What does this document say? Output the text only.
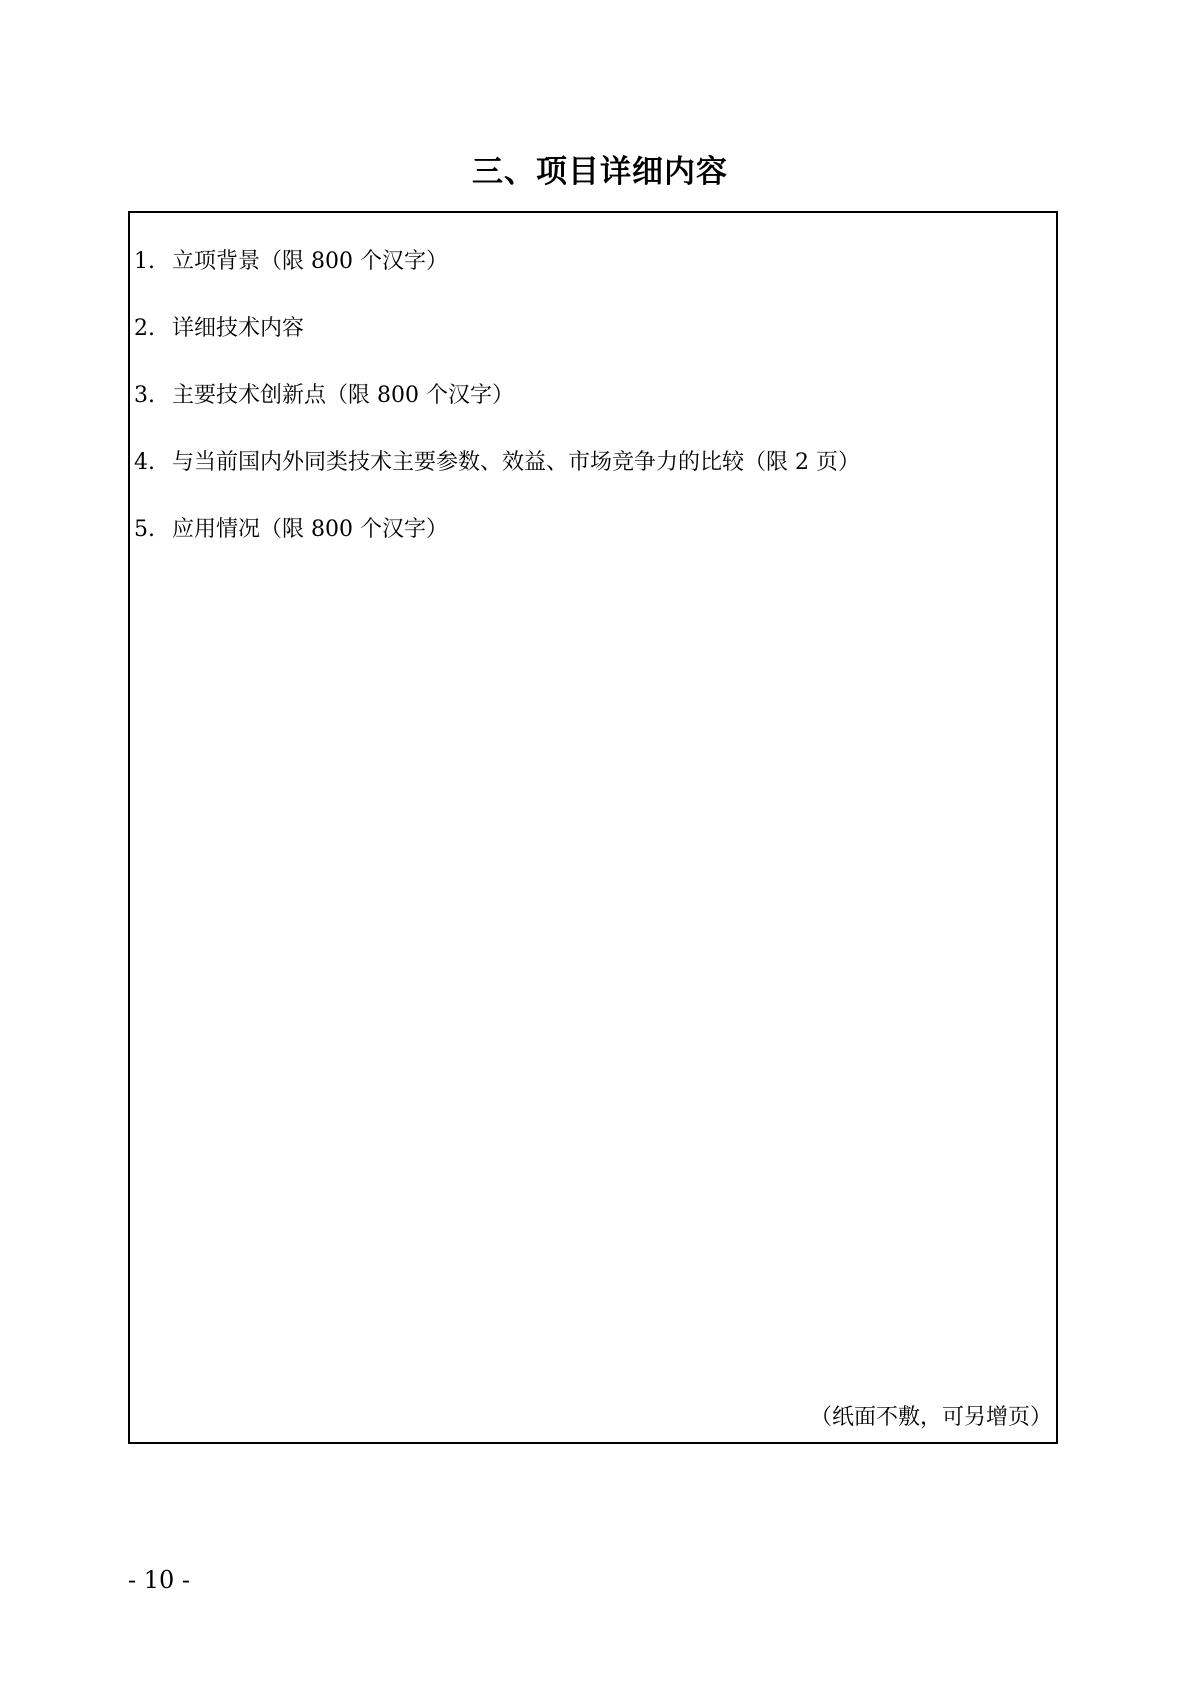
三、项目详细内容
1. 立项背景（限 800 个汉字）
2. 详细技术内容
3. 主要技术创新点（限 800 个汉字）
4. 与当前国内外同类技术主要参数、效益、市场竞争力的比较（限 2 页）
5. 应用情况（限 800 个汉字）
（纸面不敷，可另增页）
- 10 -
